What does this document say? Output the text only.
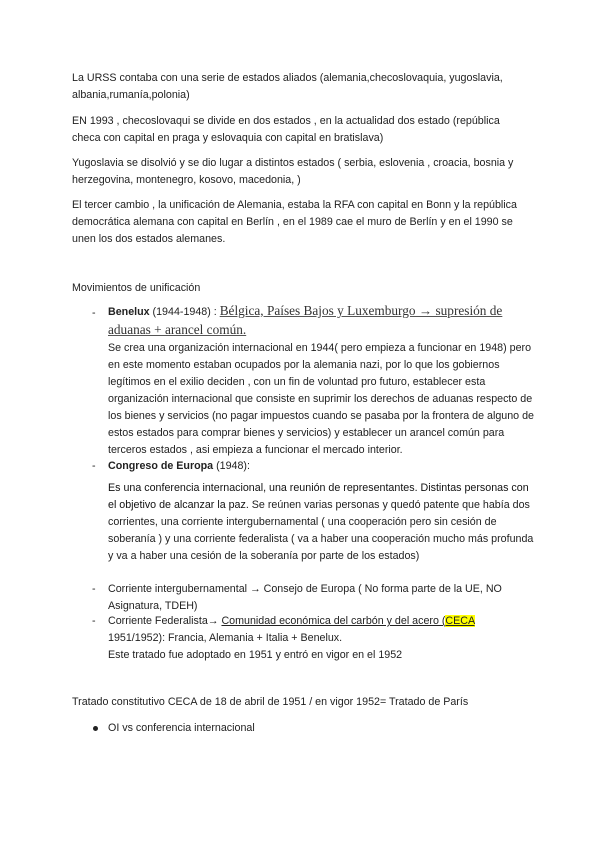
La URSS contaba con una serie de estados aliados (alemania,checoslovaquia, yugoslavia, albania,rumanía,polonia)
EN 1993 , checoslovaqui se divide en dos estados , en la actualidad dos estado (república checa con capital en praga y eslovaquia con capital en bratislava)
Yugoslavia se disolvió y se dio lugar a distintos estados ( serbia, eslovenia , croacia, bosnia y herzegovina, montenegro, kosovo, macedonia, )
El tercer cambio , la unificación de Alemania, estaba la RFA con capital en Bonn y la república democrática alemana con capital en Berlín , en el 1989 cae el muro de Berlín y en el 1990 se unen los dos estados alemanes.
Movimientos de unificación
- Benelux (1944-1948) : Bélgica, Países Bajos y Luxemburgo → supresión de aduanas + arancel común.
Se crea una organización internacional en 1944( pero empieza a funcionar en 1948) pero en este momento estaban ocupados por la alemania nazi, por lo que los gobiernos legítimos en el exilio deciden , con un fin de voluntad pro futuro, establecer esta organización internacional que consiste en suprimir los derechos de aduanas respecto de los bienes y servicios (no pagar impuestos cuando se pasaba por la frontera de alguno de estos estados para comprar bienes y servicios) y establecer un arancel común para terceros estados , asi empieza a funcionar el mercado interior.
- Congreso de Europa (1948):
Es una conferencia internacional, una reunión de representantes. Distintas personas con el objetivo de alcanzar la paz. Se reúnen varias personas y quedó patente que había dos corrientes, una corriente intergubernamental ( una cooperación pero sin cesión de soberanía ) y una corriente federalista ( va a haber una cooperación mucho más profunda y va a haber una cesión de la soberanía por parte de los estados)
- Corriente intergubernamental → Consejo de Europa ( No forma parte de la UE, NO Asignatura, TDEH)
- Corriente Federalista→ Comunidad económica del carbón y del acero (CECA 1951/1952): Francia, Alemania + Italia + Benelux.
Este tratado fue adoptado en 1951 y entró en vigor en el 1952
Tratado constitutivo CECA de 18 de abril de 1951 / en vigor 1952= Tratado de París
OI vs conferencia internacional
